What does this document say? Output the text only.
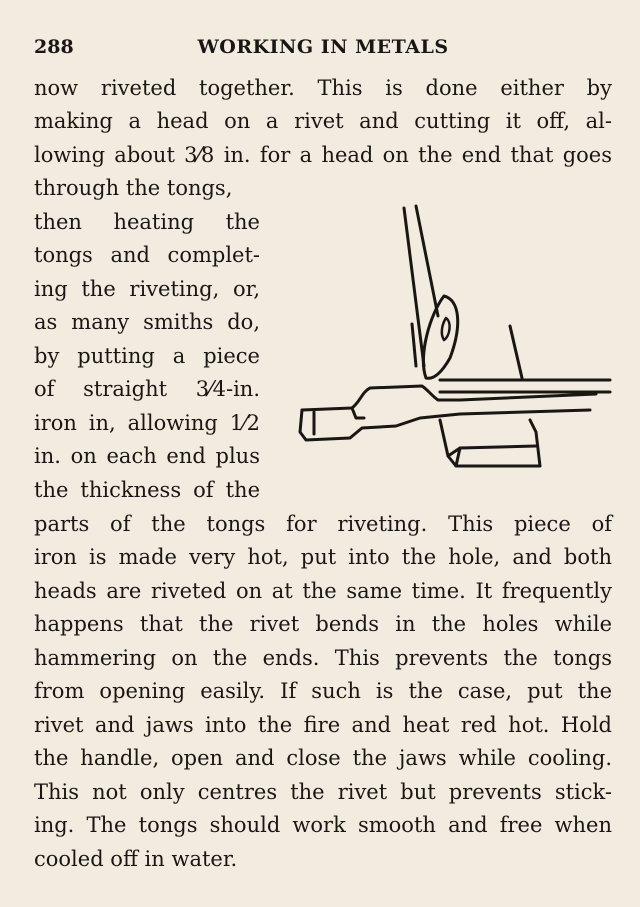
288	WORKING IN METALS
now riveted together. This is done either by
making a head on a rivet and cutting it off, al-
lowing about 3⁄8 in. for a head on the end that goes
through the tongs,
then heating the
tongs and complet-
ing the riveting, or,
as many smiths do,
by putting a piece
of straight 3⁄4-in.
iron in, allowing 1⁄2
in. on each end plus
the thickness of the
parts of the tongs for riveting. This piece of
iron is made very hot, put into the hole, and both
heads are riveted on at the same time. It frequently
happens that the rivet bends in the holes while
hammering on the ends. This prevents the tongs
from opening easily. If such is the case, put the
rivet and jaws into the fire and heat red hot. Hold
the handle, open and close the jaws while cooling.
This not only centres the rivet but prevents stick-
ing. The tongs should work smooth and free when
cooled off in water.
